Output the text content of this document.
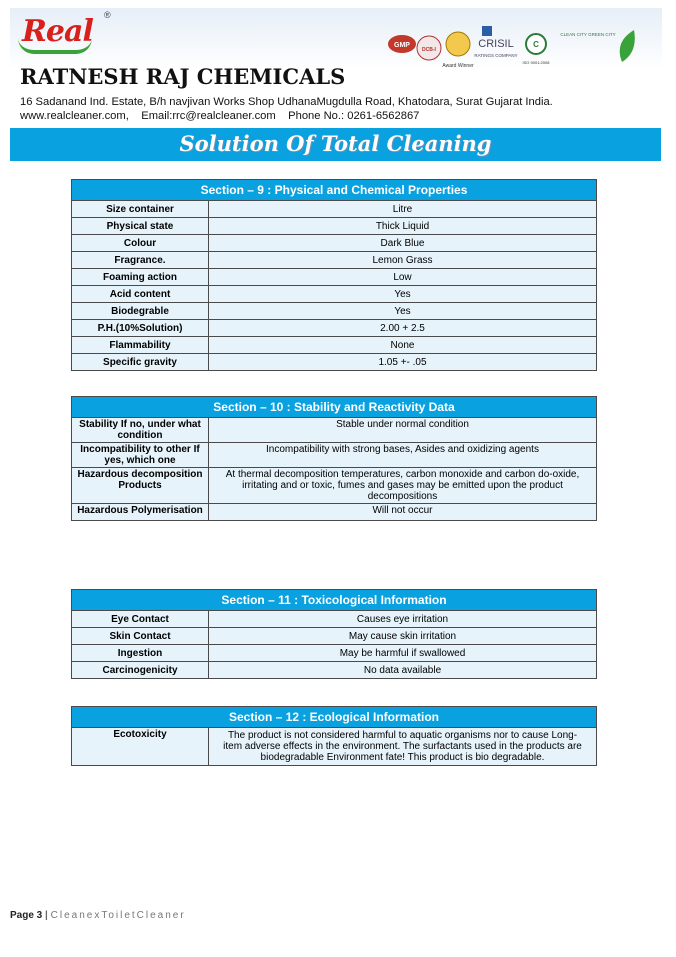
Real ®
GMP
DCB-I
Award Winner
CRISIL
RATINGS COMPANY
C
ISO 9001:2008
CLEAN CITY GREEN CITY
RATNESH RAJ CHEMICALS
16 Sadanand Ind. Estate, B/h navjivan Works Shop UdhanaMugdulla Road, Khatodara, Surat Gujarat India.
www.realcleaner.com,    Email:rrc@realcleaner.com    Phone No.: 0261-6562867
Solution Of Total Cleaning
Section – 9 : Physical and Chemical Properties	
Size container	Litre
Physical state	Thick Liquid
Colour	Dark Blue
Fragrance.	Lemon Grass
Foaming action	Low
Acid content	Yes
Biodegrable	Yes
P.H.(10%Solution)	2.00 + 2.5
Flammability	None
Specific gravity	1.05 +- .05
Section – 10 : Stability and Reactivity Data	
Stability If no, under what condition	Stable under normal condition
Incompatibility to other If yes, which one	Incompatibility with strong bases, Asides and oxidizing agents
Hazardous decomposition Products	At thermal decomposition temperatures, carbon monoxide and carbon do-oxide, irritating and or toxic, fumes and gases may be emitted upon the product decompositions
Hazardous Polymerisation	Will not occur
Section – 11 : Toxicological Information	
Eye Contact	Causes eye irritation
Skin Contact	May cause skin irritation
Ingestion	May be harmful if swallowed
Carcinogenicity	No data available
Section – 12 : Ecological Information
Ecotoxicity	The product is not considered harmful to aquatic organisms nor to cause Long-item adverse effects in the environment. The surfactants used in the products are biodegradable Environment fate! This product is bio degradable.
Page 3 | CleanexToiletCleaner
